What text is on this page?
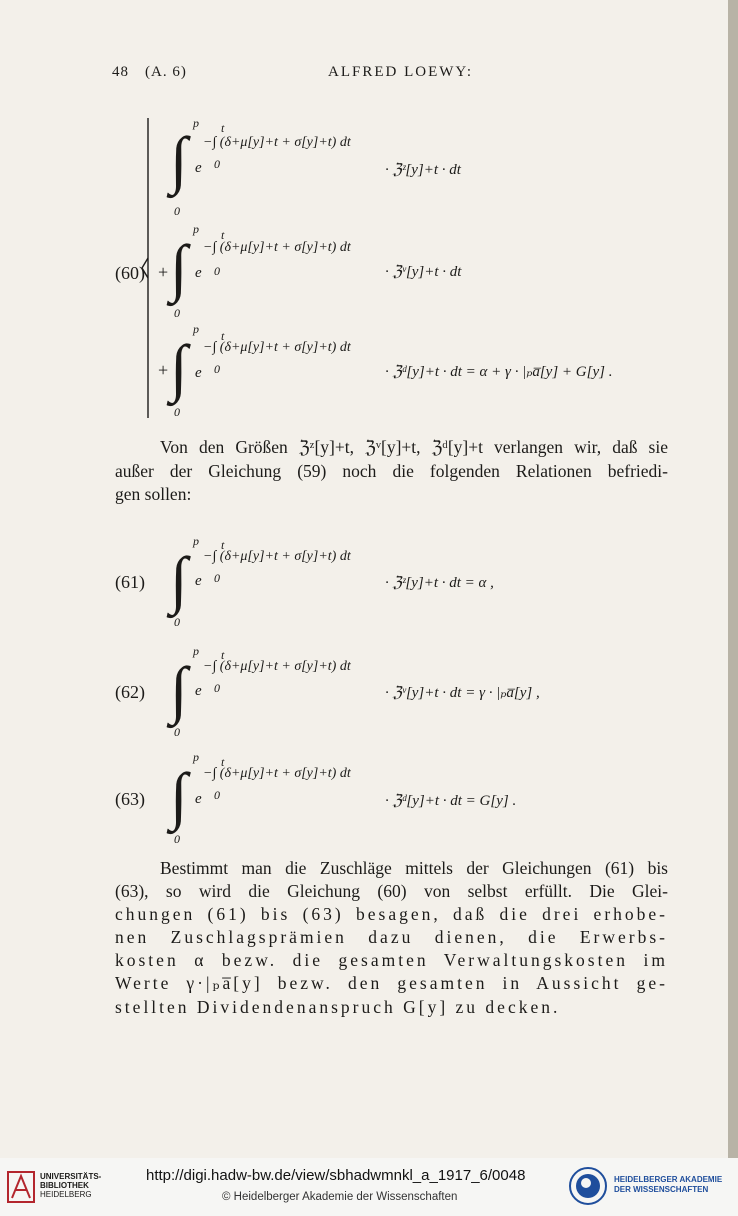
48 (A. 6)	ALFRED LOEWY:
(60)
∫
p
0
e
t
0
−∫ (δ+μ[y]+t + σ[y]+t) dt
· ℨᶻ[y]+t · dt
+ ∫
p
0
e
t
0
−∫ (δ+μ[y]+t + σ[y]+t) dt
· ℨᵛ[y]+t · dt
+ ∫
p
0
e
t
0
−∫ (δ+μ[y]+t + σ[y]+t) dt
· ℨᵈ[y]+t · dt = α + γ · |ₚa̅[y] + G[y] .
Von den Größen ℨᶻ[y]+t, ℨᵛ[y]+t, ℨᵈ[y]+t verlangen wir, daß sie
außer der Gleichung (59) noch die folgenden Relationen befriedi-
gen sollen:
(61) ∫
p
0
e
t
0
−∫ (δ+μ[y]+t + σ[y]+t) dt
· ℨᶻ[y]+t · dt = α ,
(62) ∫
p
0
e
t
0
−∫ (δ+μ[y]+t + σ[y]+t) dt
· ℨᵛ[y]+t · dt = γ · |ₚa̅[y] ,
(63) ∫
p
0
e
t
0
−∫ (δ+μ[y]+t + σ[y]+t) dt
· ℨᵈ[y]+t · dt = G[y] .
Bestimmt man die Zuschläge mittels der Gleichungen (61) bis
(63), so wird die Gleichung (60) von selbst erfüllt. Die Glei-
chungen (61) bis (63) besagen, daß die drei erhobe-
nen Zuschlagsprämien dazu dienen, die Erwerbs-
kosten α bezw. die gesamten Verwaltungskosten im
Werte γ·|ₚa̅[y] bezw. den gesamten in Aussicht ge-
stellten Dividendenanspruch G[y] zu decken.
UNIVERSITÄTS-
BIBLIOTHEK
HEIDELBERG
http://digi.hadw-bw.de/view/sbhadwmnkl_a_1917_6/0048
© Heidelberger Akademie der Wissenschaften
HEIDELBERGER AKADEMIE
DER WISSENSCHAFTEN
